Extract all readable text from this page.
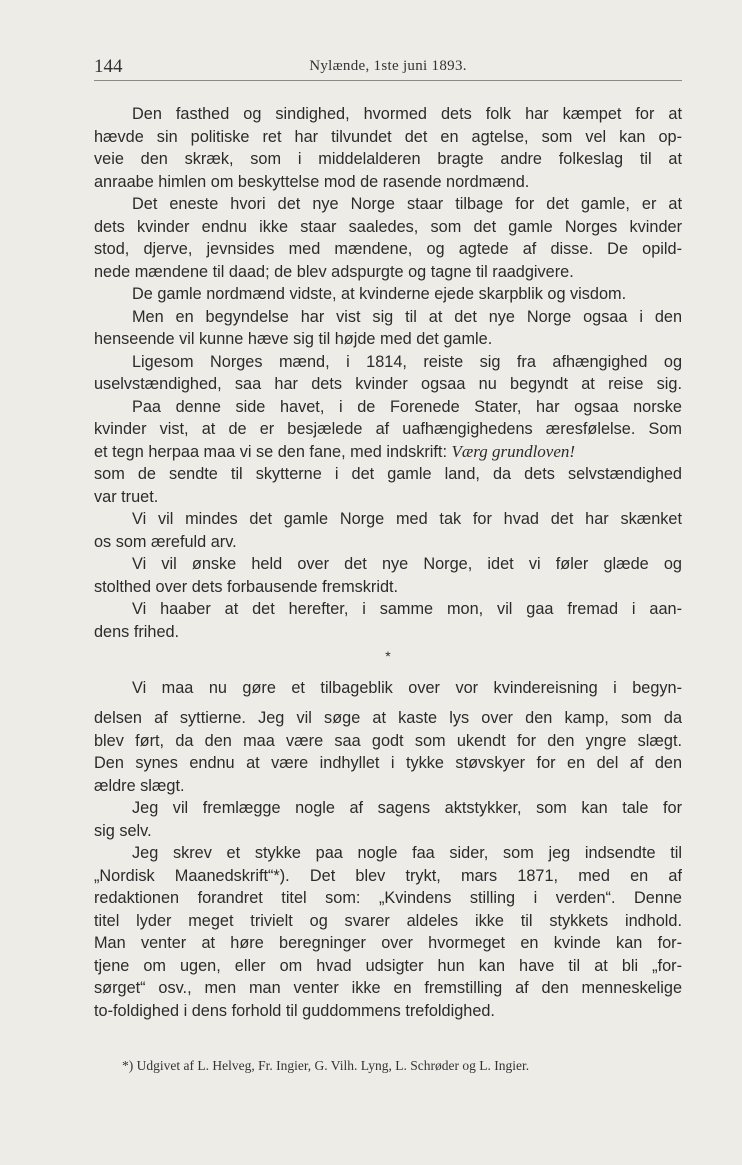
144	Nylænde, 1ste juni 1893.

Den fasthed og sindighed, hvormed dets folk har kæmpet for at

hævde sin politiske ret har tilvundet det en agtelse, som vel kan op-

veie den skræk, som i middelalderen bragte andre folkeslag til at

anraabe himlen om beskyttelse mod de rasende nordmænd.

Det eneste hvori det nye Norge staar tilbage for det gamle, er at

dets kvinder endnu ikke staar saaledes, som det gamle Norges kvinder

stod, djerve, jevnsides med mændene, og agtede af disse. De opild-

nede mændene til daad; de blev adspurgte og tagne til raadgivere.

De gamle nordmænd vidste, at kvinderne ejede skarpblik og visdom.

Men en begyndelse har vist sig til at det nye Norge ogsaa i den

henseende vil kunne hæve sig til højde med det gamle.

Ligesom Norges mænd, i 1814, reiste sig fra afhængighed og

uselvstændighed, saa har dets kvinder ogsaa nu begyndt at reise sig.

Paa denne side havet, i de Forenede Stater, har ogsaa norske

kvinder vist, at de er besjælede af uafhængighedens æresfølelse. Som

et tegn herpaa maa vi se den fane, med indskrift: Værg grundloven!

som de sendte til skytterne i det gamle land, da dets selvstændighed

var truet.

Vi vil mindes det gamle Norge med tak for hvad det har skænket

os som ærefuld arv.

Vi vil ønske held over det nye Norge, idet vi føler glæde og

stolthed over dets forbausende fremskridt.

Vi haaber at det herefter, i samme mon, vil gaa fremad i aan-

dens frihed.

*

Vi maa nu gøre et tilbageblik over vor kvindereisning i begyn-

delsen af syttierne. Jeg vil søge at kaste lys over den kamp, som da

blev ført, da den maa være saa godt som ukendt for den yngre slægt.

Den synes endnu at være indhyllet i tykke støvskyer for en del af den

ældre slægt.

Jeg vil fremlægge nogle af sagens aktstykker, som kan tale for

sig selv.

Jeg skrev et stykke paa nogle faa sider, som jeg indsendte til

„Nordisk Maanedskrift“*). Det blev trykt, mars 1871, med en af

redaktionen forandret titel som: „Kvindens stilling i verden“. Denne

titel lyder meget trivielt og svarer aldeles ikke til stykkets indhold.

Man venter at høre beregninger over hvormeget en kvinde kan for-

tjene om ugen, eller om hvad udsigter hun kan have til at bli „for-

sørget“ osv., men man venter ikke en fremstilling af den menneskelige

to-foldighed i dens forhold til guddommens trefoldighed.

*) Udgivet af L. Helveg, Fr. Ingier, G. Vilh. Lyng, L. Schrøder og L. Ingier.
